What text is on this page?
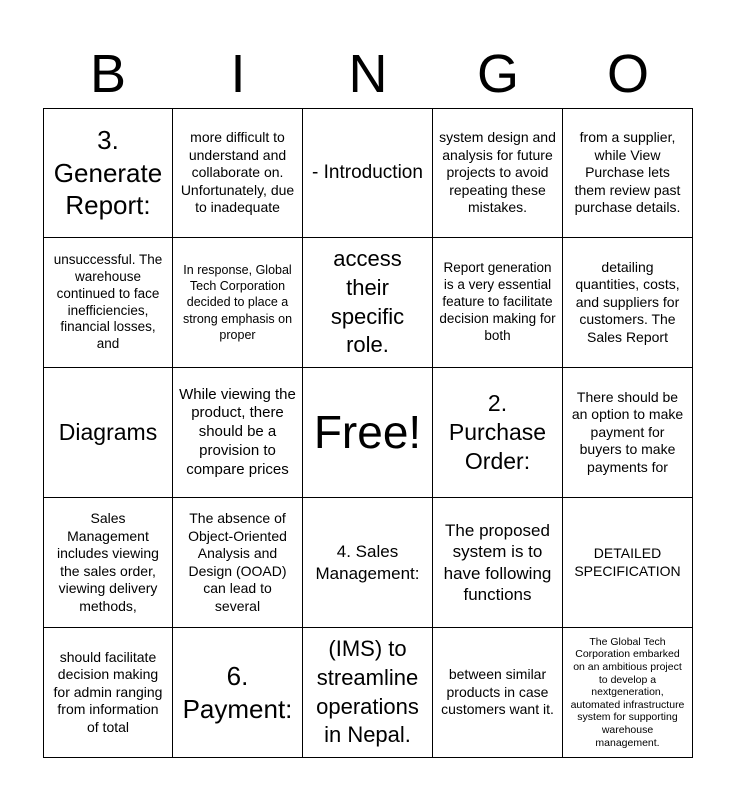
B	I	N	G	O
3. Generate Report:
more difficult to understand and collaborate on. Unfortunately, due to inadequate
- Introduction
system design and analysis for future projects to avoid repeating these mistakes.
from a supplier, while View Purchase lets them review past purchase details.
unsuccessful. The warehouse continued to face inefficiencies, financial losses, and
In response, Global Tech Corporation decided to place a strong emphasis on proper
access their specific role.
Report generation is a very essential feature to facilitate decision making for both
detailing quantities, costs, and suppliers for customers. The Sales Report
Diagrams
While viewing the product, there should be a provision to compare prices
Free!
2. Purchase Order:
There should be an option to make payment for buyers to make payments for
Sales Management includes viewing the sales order, viewing delivery methods,
The absence of Object-Oriented Analysis and Design (OOAD) can lead to several
4. Sales Management:
The proposed system is to have following functions
DETAILED SPECIFICATION
should facilitate decision making for admin ranging from information of total
6. Payment:
(IMS) to streamline operations in Nepal.
between similar products in case customers want it.
The Global Tech Corporation embarked on an ambitious project to develop a nextgeneration, automated infrastructure system for supporting warehouse management.
